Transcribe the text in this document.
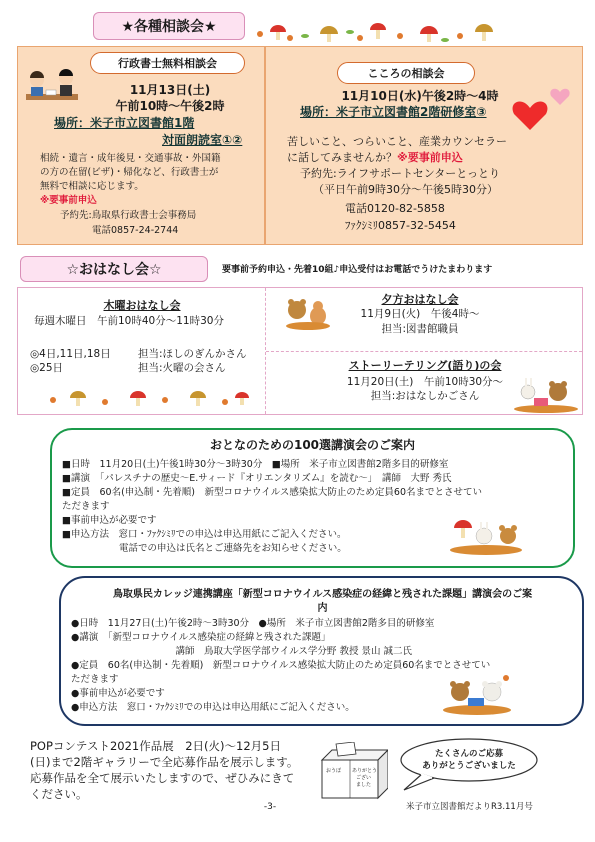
★各種相談会★
行政書士無料相談会
11月13日(土)
午前10時～午後2時
場所：米子市立図書館1階
対面朗読室①②
相続・遺言・成年後見・交通事故・外国籍
の方の在留(ビザ)・帰化など、行政書士が
無料で相談に応じます。
※要事前申込
予約先:鳥取県行政書士会事務局
電話0857-24-2744
こころの相談会
11月10日(水)午後2時～4時
場所：米子市立図書館2階研修室③
苦しいこと、つらいこと、産業カウンセラー
に話してみませんか？※要事前申込
予約先:ライフサポートセンターとっとり
（平日午前9時30分～午後5時30分）
電話0120-82-5858
ﾌｧｸｼﾐﾘ0857-32-5454
☆おはなし会☆	要事前予約申込・先着10組♪申込受付はお電話でうけたまわります
木曜おはなし会
毎週木曜日　午前10時40分～11時30分
◎4日,11日,18日	担当:ほしのぎんかさん
◎25日	担当:火曜の会さん
夕方おはなし会
11月9日(火)　午後4時～
担当:図書館職員
ストーリーテリング(語り)の会
11月20日(土)　午前10時30分～
担当:おはなしかごさん
おとなのための100選講演会のご案内
■日時　11月20日(土)午後1時30分～3時30分　■場所　米子市立図書館2階多目的研修室
■講演　「パレスチナの歴史～E.サィード『オリエンタリズム』を読む～」　講師　大野 秀氏
■定員　60名(申込制・先着順)　新型コロナウイルス感染拡大防止のため定員60名までとさせてい
ただきます
■事前申込が必要です
■申込方法　窓口・ﾌｧｸｼﾐﾘでの申込は申込用紙にご記入ください。
　　　　　　電話での申込は氏名とご連絡先をお知らせください。
鳥取県民カレッジ連携講座「新型コロナウイルス感染症の経緯と残された課題」講演会のご案
内
●日時　11月27日(土)午後2時～3時30分　●場所　米子市立図書館2階多目的研修室
●講演　「新型コロナウイルス感染症の経緯と残された課題」
　　　　　　　　　　　講師　鳥取大学医学部ウイルス学分野 教授 景山 誠二氏
●定員　60名(申込制・先着順)　新型コロナウイルス感染拡大防止のため定員60名までとさせてい
ただきます
●事前申込が必要です
●申込方法　窓口・ﾌｧｸｼﾐﾘでの申込は申込用紙にご記入ください。
POPコンテスト2021作品展　2日(火)～12月5日
(日)まで2階ギャラリーで全応募作品を展示します。
応募作品を全て展示いたしますので、ぜひみにきて
ください。
おうぼ ありがとう
ござい
ました
たくさんのご応募
ありがとうございました
-3-	米子市立図書館だよりR3.11月号
